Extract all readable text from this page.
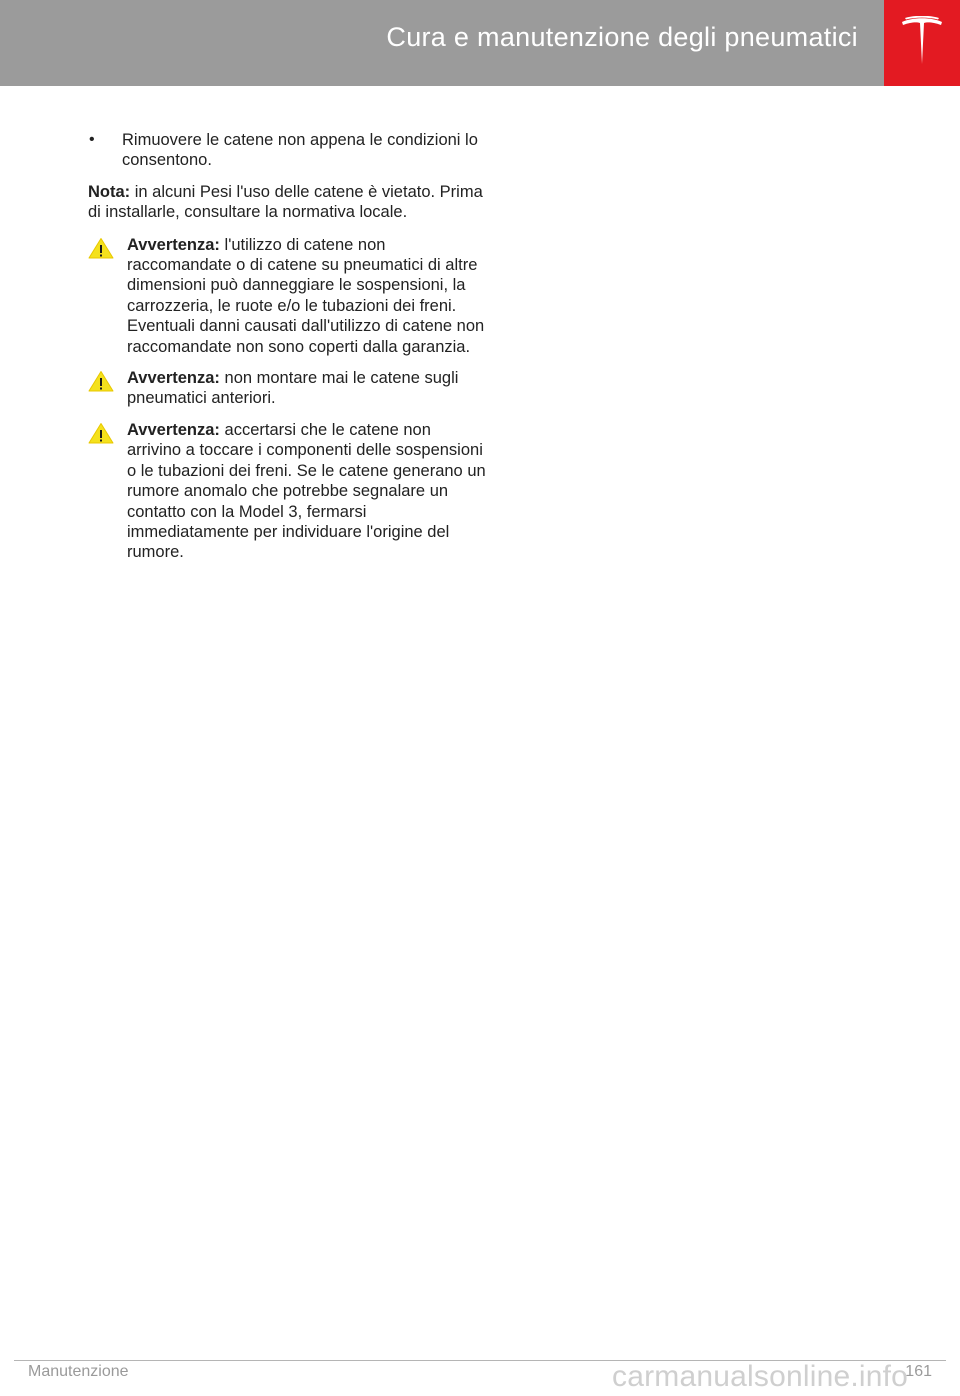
Cura e manutenzione degli pneumatici
•	Rimuovere le catene non appena le condizioni lo consentono.
Nota: in alcuni Pesi l'uso delle catene è vietato. Prima di installarle, consultare la normativa locale.
Avvertenza: l'utilizzo di catene non raccomandate o di catene su pneumatici di altre dimensioni può danneggiare le sospensioni, la carrozzeria, le ruote e/o le tubazioni dei freni. Eventuali danni causati dall'utilizzo di catene non raccomandate non sono coperti dalla garanzia.
Avvertenza: non montare mai le catene sugli pneumatici anteriori.
Avvertenza: accertarsi che le catene non arrivino a toccare i componenti delle sospensioni o le tubazioni dei freni. Se le catene generano un rumore anomalo che potrebbe segnalare un contatto con la Model 3, fermarsi immediatamente per individuare l'origine del rumore.
Manutenzione	carmanualsonline.info
161
